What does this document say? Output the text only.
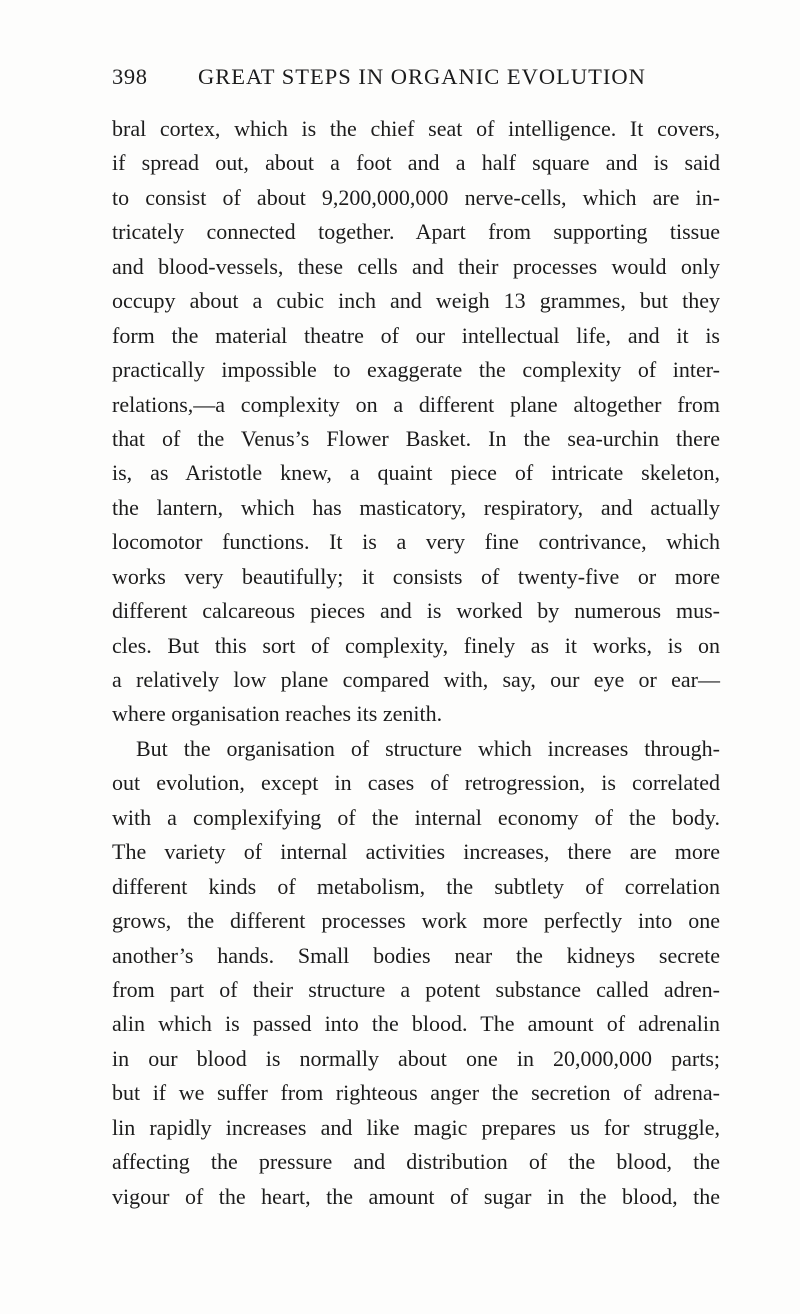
398 GREAT STEPS IN ORGANIC EVOLUTION
bral cortex, which is the chief seat of intelligence. It covers,
if spread out, about a foot and a half square and is said
to consist of about 9,200,000,000 nerve-cells, which are in-
tricately connected together. Apart from supporting tissue
and blood-vessels, these cells and their processes would only
occupy about a cubic inch and weigh 13 grammes, but they
form the material theatre of our intellectual life, and it is
practically impossible to exaggerate the complexity of inter-
relations,—a complexity on a different plane altogether from
that of the Venus’s Flower Basket. In the sea-urchin there
is, as Aristotle knew, a quaint piece of intricate skeleton,
the lantern, which has masticatory, respiratory, and actually
locomotor functions. It is a very fine contrivance, which
works very beautifully; it consists of twenty-five or more
different calcareous pieces and is worked by numerous mus-
cles. But this sort of complexity, finely as it works, is on
a relatively low plane compared with, say, our eye or ear—
where organisation reaches its zenith.
But the organisation of structure which increases through-
out evolution, except in cases of retrogression, is correlated
with a complexifying of the internal economy of the body.
The variety of internal activities increases, there are more
different kinds of metabolism, the subtlety of correlation
grows, the different processes work more perfectly into one
another’s hands. Small bodies near the kidneys secrete
from part of their structure a potent substance called adren-
alin which is passed into the blood. The amount of adrenalin
in our blood is normally about one in 20,000,000 parts;
but if we suffer from righteous anger the secretion of adrena-
lin rapidly increases and like magic prepares us for struggle,
affecting the pressure and distribution of the blood, the
vigour of the heart, the amount of sugar in the blood, the
